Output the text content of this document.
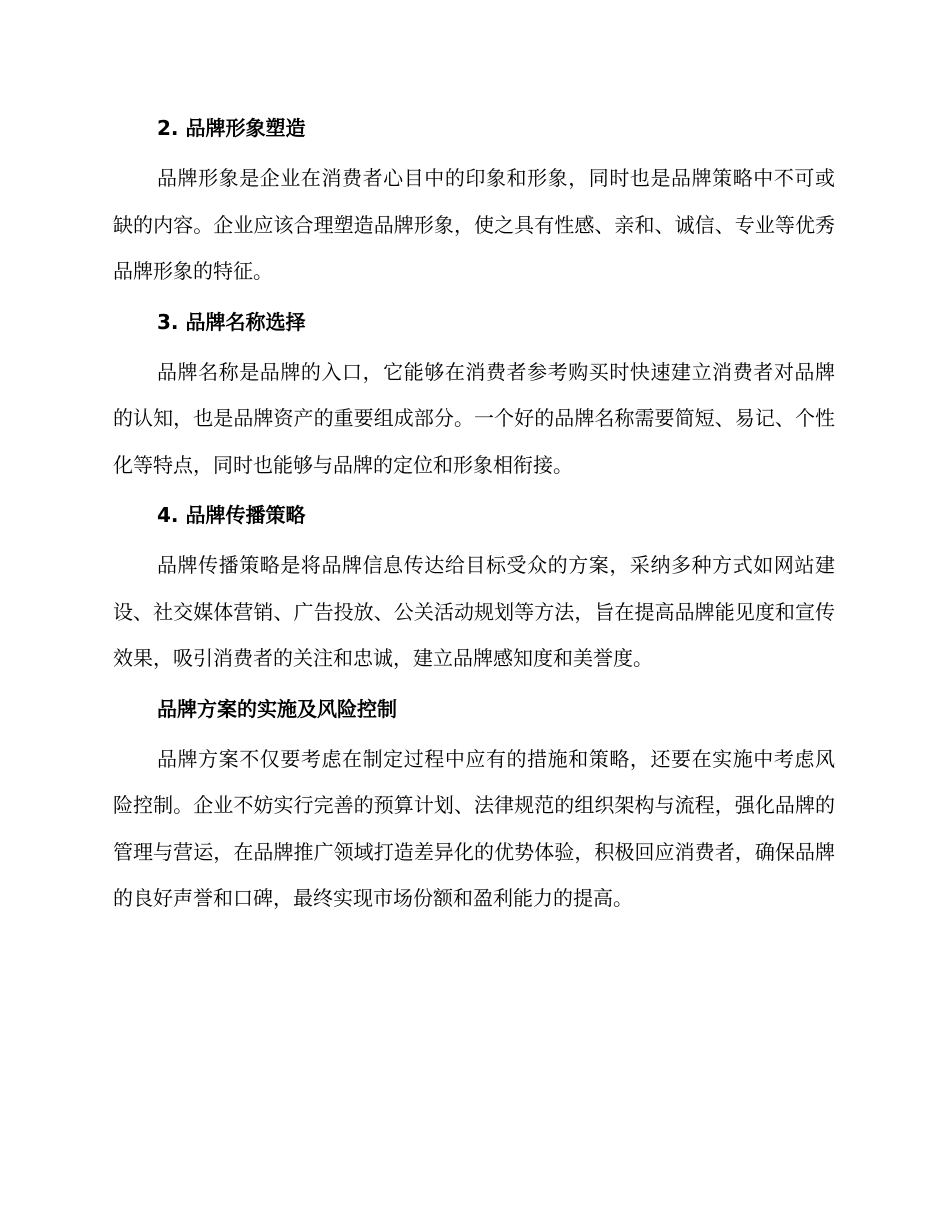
2. 品牌形象塑造

品牌形象是企业在消费者心目中的印象和形象，同时也是品牌策略中不可或缺的内容。企业应该合理塑造品牌形象，使之具有性感、亲和、诚信、专业等优秀品牌形象的特征。

3. 品牌名称选择

品牌名称是品牌的入口，它能够在消费者参考购买时快速建立消费者对品牌的认知，也是品牌资产的重要组成部分。一个好的品牌名称需要简短、易记、个性化等特点，同时也能够与品牌的定位和形象相衔接。

4. 品牌传播策略

品牌传播策略是将品牌信息传达给目标受众的方案，采纳多种方式如网站建设、社交媒体营销、广告投放、公关活动规划等方法，旨在提高品牌能见度和宣传效果，吸引消费者的关注和忠诚，建立品牌感知度和美誉度。

品牌方案的实施及风险控制

品牌方案不仅要考虑在制定过程中应有的措施和策略，还要在实施中考虑风险控制。企业不妨实行完善的预算计划、法律规范的组织架构与流程，强化品牌的管理与营运，在品牌推广领域打造差异化的优势体验，积极回应消费者，确保品牌的良好声誉和口碑，最终实现市场份额和盈利能力的提高。
